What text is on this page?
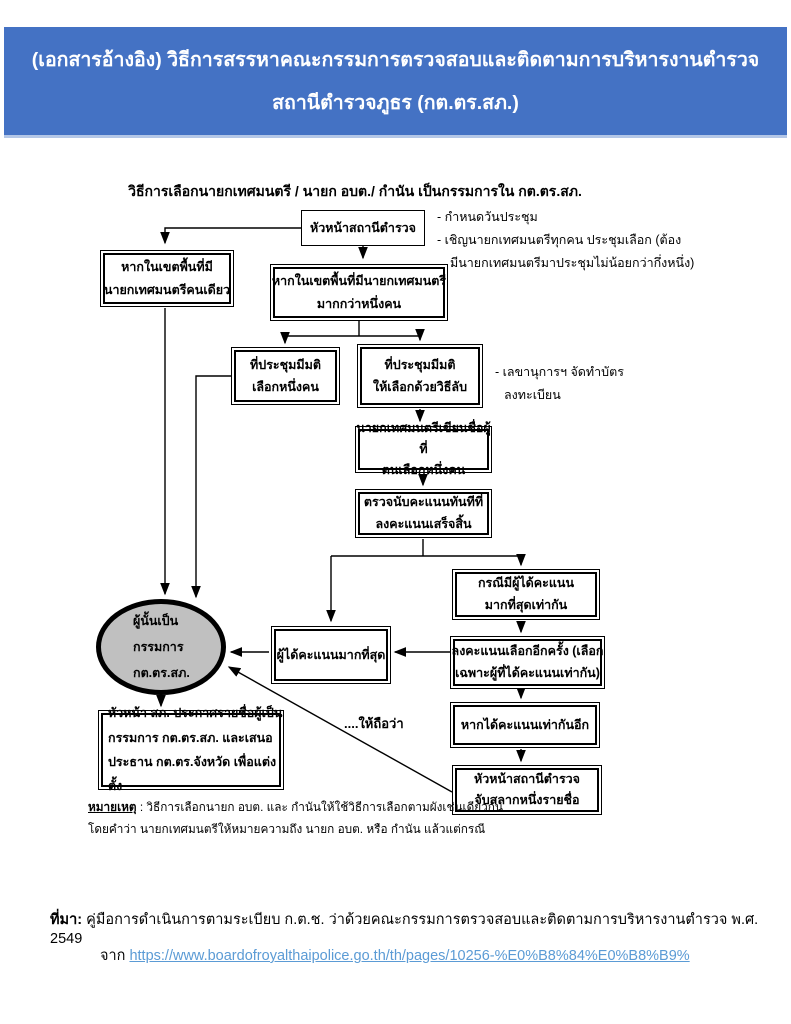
(เอกสารอ้างอิง) วิธีการสรรหาคณะกรรมการตรวจสอบและติดตามการบริหารงานตำรวจ
สถานีตำรวจภูธร (กต.ตร.สภ.)
วิธีการเลือกนายกเทศมนตรี / นายก อบต./ กำนัน เป็นกรรมการใน กต.ตร.สภ.
หัวหน้าสถานีตำรวจ
- กำหนดวันประชุม
- เชิญนายกเทศมนตรีทุกคน ประชุมเลือก (ต้อง
มีนายกเทศมนตรีมาประชุมไม่น้อยกว่ากึ่งหนึ่ง)
หากในเขตพื้นที่มี
นายกเทศมนตรีคนเดียว
หากในเขตพื้นที่มีนายกเทศมนตรี
มากกว่าหนึ่งคน
ที่ประชุมมีมติ
เลือกหนึ่งคน
ที่ประชุมมีมติ
ให้เลือกด้วยวิธีลับ
- เลขานุการฯ จัดทำบัตร
ลงทะเบียน
นายกเทศมนตรีเขียนชื่อผู้ที่
ตนเลือกหนึ่งคน
ตรวจนับคะแนนทันทีที่
ลงคะแนนเสร็จสิ้น
กรณีมีผู้ได้คะแนน
มากที่สุดเท่ากัน
ลงคะแนนเลือกอีกครั้ง (เลือก
เฉพาะผู้ที่ได้คะแนนเท่ากัน)
ผู้ได้คะแนนมากที่สุด
ผู้นั้นเป็น
กรรมการ
กต.ตร.สภ.
หากได้คะแนนเท่ากันอีก
หัวหน้าสถานีตำรวจ
จับสลากหนึ่งรายชื่อ
หัวหน้า สภ. ประกาศรายชื่อผู้เป็น
กรรมการ กต.ตร.สภ. และเสนอ
ประธาน กต.ตร.จังหวัด เพื่อแต่งตั้ง
....ให้ถือว่า
หมายเหตุ : วิธีการเลือกนายก อบต. และ กำนันให้ใช้วิธีการเลือกตามผังเช่นเดียวกัน
โดยคำว่า นายกเทศมนตรีให้หมายความถึง นายก อบต. หรือ กำนัน แล้วแต่กรณี
ที่มา: คู่มือการดำเนินการตามระเบียบ ก.ต.ช. ว่าด้วยคณะกรรมการตรวจสอบและติดตามการบริหารงานตำรวจ พ.ศ. 2549
จาก https://www.boardofroyalthaipolice.go.th/th/pages/10256-%E0%B8%84%E0%B8%B9%
